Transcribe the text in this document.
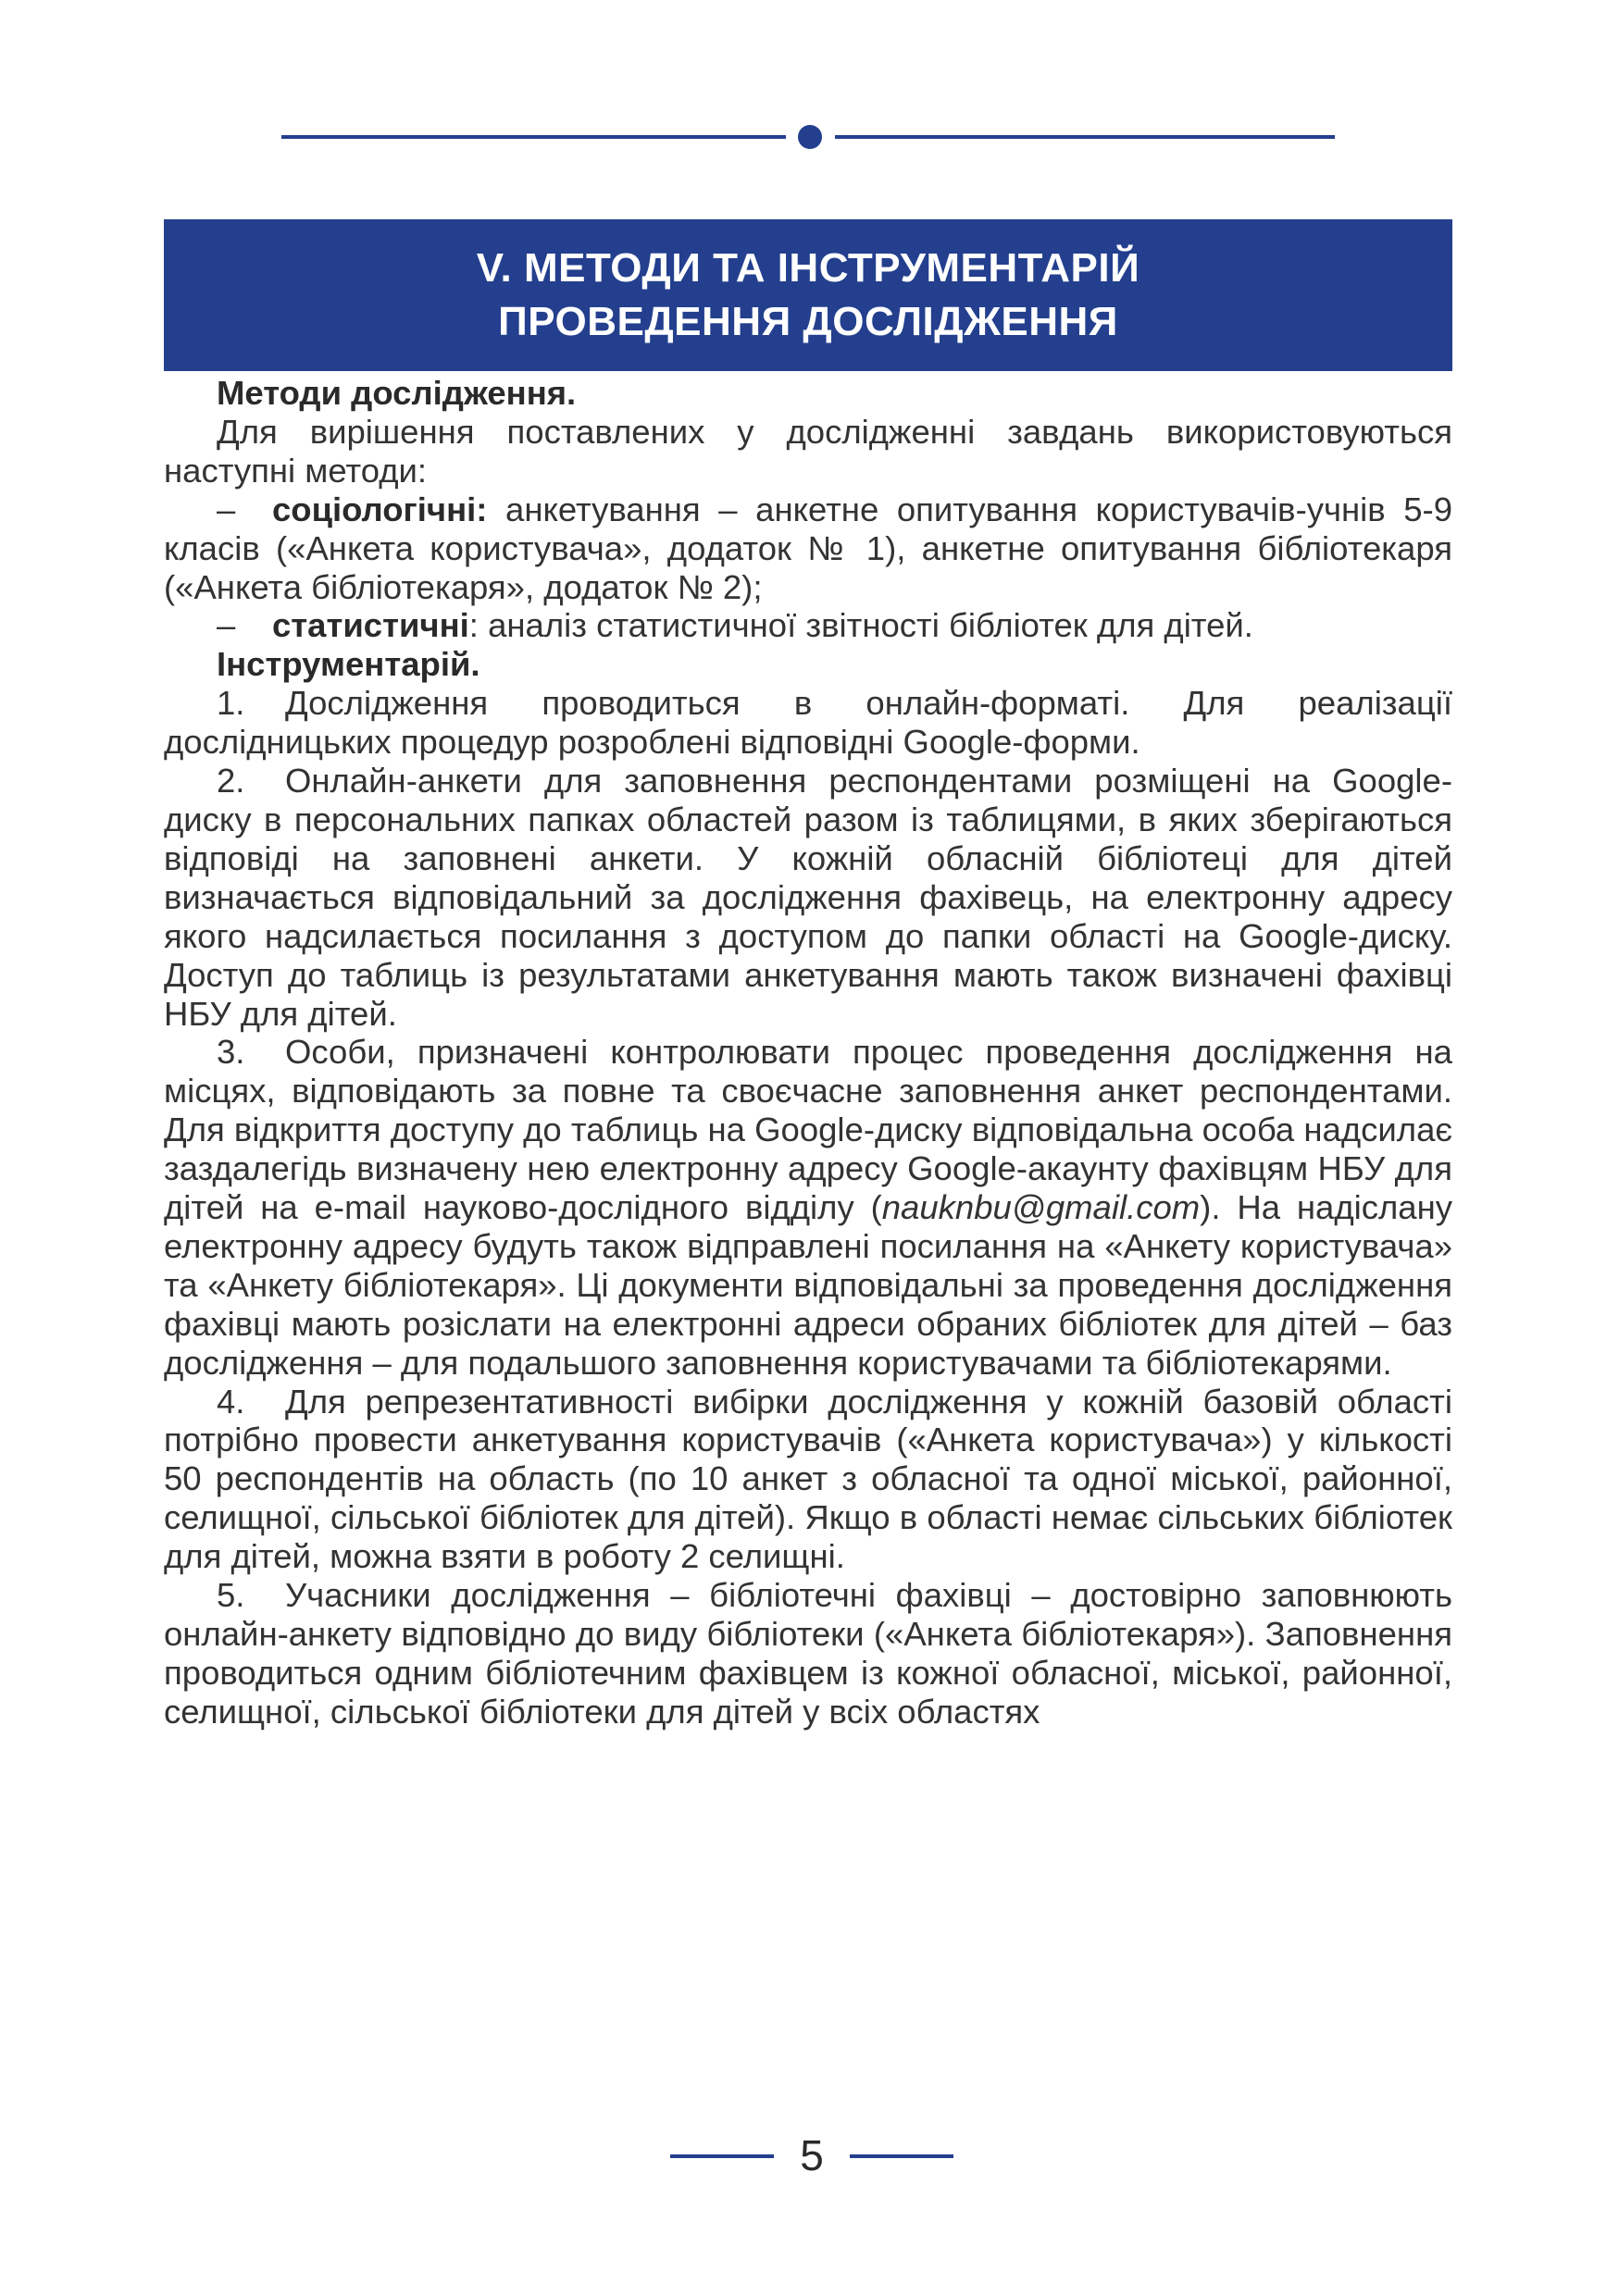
V. МЕТОДИ ТА ІНСТРУМЕНТАРІЙ
ПРОВЕДЕННЯ ДОСЛІДЖЕННЯ

Методи дослідження.

Для вирішення поставлених у дослідженні завдань використовуються наступні методи:

– соціологічні: анкетування – анкетне опитування користувачів-учнів 5-9 класів («Анкета користувача», додаток № 1), анкетне опитування бібліотекаря («Анкета бібліотекаря», додаток № 2);

– статистичні: аналіз статистичної звітності бібліотек для дітей.

Інструментарій.

1. Дослідження проводиться в онлайн-форматі. Для реалізації дослідницьких процедур розроблені відповідні Google-форми.

2. Онлайн-анкети для заповнення респондентами розміщені на Google-диску в персональних папках областей разом із таблицями, в яких зберігаються відповіді на заповнені анкети. У кожній обласній бібліотеці для дітей визначається відповідальний за дослідження фахівець, на електронну адресу якого надсилається посилання з доступом до папки області на Google-диску. Доступ до таблиць із результатами анкетування мають також визначені фахівці НБУ для дітей.

3. Особи, призначені контролювати процес проведення дослідження на місцях, відповідають за повне та своєчасне заповнення анкет респондентами. Для відкриття доступу до таблиць на Google-диску відповідальна особа надсилає заздалегідь визначену нею електронну адресу Google-акаунту фахівцям НБУ для дітей на e-mail науково-дослідного відділу (nauknbu@gmail.com). На надіслану електронну адресу будуть також відправлені посилання на «Анкету користувача» та «Анкету бібліотекаря». Ці документи відповідальні за проведення дослідження фахівці мають розіслати на електронні адреси обраних бібліотек для дітей – баз дослідження – для подальшого заповнення користувачами та бібліотекарями.

4. Для репрезентативності вибірки дослідження у кожній базовій області потрібно провести анкетування користувачів («Анкета користувача») у кількості 50 респондентів на область (по 10 анкет з обласної та одної міської, районної, селищної, сільської бібліотек для дітей). Якщо в області немає сільських бібліотек для дітей, можна взяти в роботу 2 селищні.

5. Учасники дослідження – бібліотечні фахівці – достовірно заповнюють онлайн-анкету відповідно до виду бібліотеки («Анкета бібліотекаря»). Заповнення проводиться одним бібліотечним фахівцем із кожної обласної, міської, районної, селищної, сільської бібліотеки для дітей у всіх областях

5
